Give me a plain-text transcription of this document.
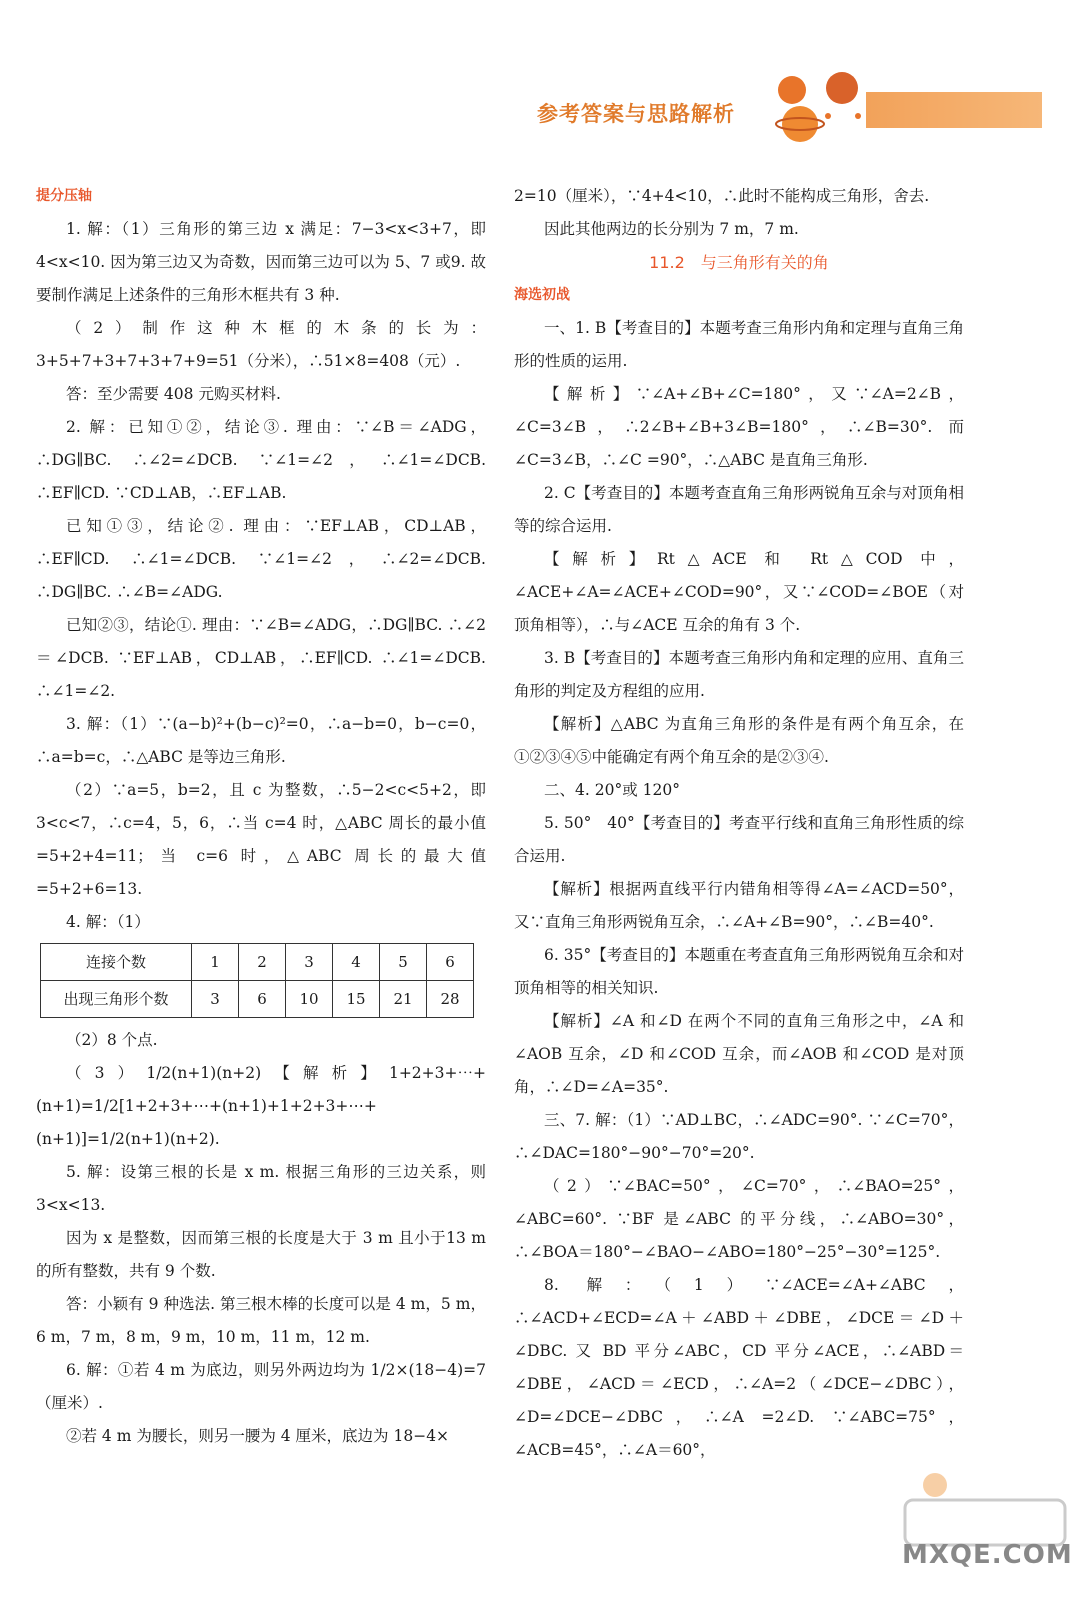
参考答案与思路解析

提分压轴

1. 解：（1）三角形的第三边 x 满足：7−3<x<3+7，即4<x<10. 因为第三边又为奇数，因而第三边可以为 5、7 或9. 故要制作满足上述条件的三角形木框共有 3 种.

（2）制作这种木框的木条的长为：3+5+7+3+7+3+7+9=51（分米），∴51×8=408（元）.

答：至少需要 408 元购买材料.

2. 解：已知①②，结论③. 理由：∵∠B＝∠ADG，∴DG∥BC. ∴∠2=∠DCB. ∵∠1=∠2，∴∠1=∠DCB. ∴EF∥CD. ∵CD⊥AB，∴EF⊥AB.

已知①③，结论②. 理由：∵EF⊥AB，CD⊥AB，∴EF∥CD. ∴∠1=∠DCB. ∵∠1=∠2，∴∠2=∠DCB. ∴DG∥BC. ∴∠B=∠ADG.

已知②③，结论①. 理由：∵∠B=∠ADG，∴DG∥BC. ∴∠2＝∠DCB. ∵EF⊥AB，CD⊥AB，∴EF∥CD. ∴∠1=∠DCB. ∴∠1=∠2.

3. 解：（1）∵(a−b)²+(b−c)²=0，∴a−b=0，b−c=0，∴a=b=c，∴△ABC 是等边三角形.

（2）∵a=5，b=2，且 c 为整数，∴5−2<c<5+2，即 3<c<7，∴c=4，5，6，∴当 c=4 时，△ABC 周长的最小值=5+2+4=11；当 c=6 时，△ABC 周长的最大值=5+2+6=13.

4. 解：（1）

连接个数	1	2	3	4	5	6
出现三角形个数	3	6	10	15	21	28

（2）8 个点.

（3）1/2(n+1)(n+2)【解析】1+2+3+⋯+(n+1)=1/2[1+2+3+⋯+(n+1)+1+2+3+⋯+(n+1)]=1/2(n+1)(n+2).

5. 解：设第三根的长是 x m. 根据三角形的三边关系，则 3<x<13.

因为 x 是整数，因而第三根的长度是大于 3 m 且小于13 m 的所有整数，共有 9 个数.

答：小颖有 9 种选法. 第三根木棒的长度可以是 4 m，5 m，6 m，7 m，8 m，9 m，10 m，11 m，12 m.

6. 解：①若 4 m 为底边，则另外两边均为 1/2×(18−4)=7（厘米）.

②若 4 m 为腰长，则另一腰为 4 厘米，底边为 18−4×

2=10（厘米），∵4+4<10，∴此时不能构成三角形，舍去.

因此其他两边的长分别为 7 m，7 m.

11.2　与三角形有关的角

海选初战

一、1. B【考查目的】本题考查三角形内角和定理与直角三角形的性质的运用.

【解析】∵∠A+∠B+∠C=180°，又∵∠A=2∠B，∠C=3∠B，∴2∠B+∠B+3∠B=180°，∴∠B=30°. 而∠C=3∠B，∴∠C =90°，∴△ABC 是直角三角形.

2. C【考查目的】本题考查直角三角形两锐角互余与对顶角相等的综合运用.

【解析】Rt△ACE 和 Rt△COD 中，∠ACE+∠A=∠ACE+∠COD=90°，又∵∠COD=∠BOE（对顶角相等），∴与∠ACE 互余的角有 3 个.

3. B【考查目的】本题考查三角形内角和定理的应用、直角三角形的判定及方程组的应用.

【解析】△ABC 为直角三角形的条件是有两个角互余，在①②③④⑤中能确定有两个角互余的是②③④.

二、4. 20°或 120°

5. 50°　40°【考查目的】考查平行线和直角三角形性质的综合运用.

【解析】根据两直线平行内错角相等得∠A=∠ACD=50°，又∵直角三角形两锐角互余，∴∠A+∠B=90°，∴∠B=40°.

6. 35°【考查目的】本题重在考查直角三角形两锐角互余和对顶角相等的相关知识.

【解析】∠A 和∠D 在两个不同的直角三角形之中，∠A 和∠AOB 互余，∠D 和∠COD 互余，而∠AOB 和∠COD 是对顶角，∴∠D=∠A=35°.

三、7. 解：（1）∵AD⊥BC，∴∠ADC=90°. ∵∠C=70°，∴∠DAC=180°−90°−70°=20°.

（2）∵∠BAC=50°，∠C=70°，∴∠BAO=25°，∠ABC=60°. ∵BF 是∠ABC 的平分线，∴∠ABO=30°，∴∠BOA＝180°−∠BAO−∠ABO=180°−25°−30°=125°.

8. 解：（1）∵∠ACE=∠A+∠ABC，∴∠ACD+∠ECD=∠A＋∠ABD＋∠DBE，∠DCE＝∠D＋∠DBC. 又 BD 平分∠ABC，CD 平分∠ACE，∴∠ABD＝∠DBE，∠ACD＝∠ECD，∴∠A=2（∠DCE−∠DBC），∠D=∠DCE−∠DBC，∴∠A =2∠D. ∵∠ABC=75°，∠ACB=45°，∴∠A＝60°，

MXQE.COM
